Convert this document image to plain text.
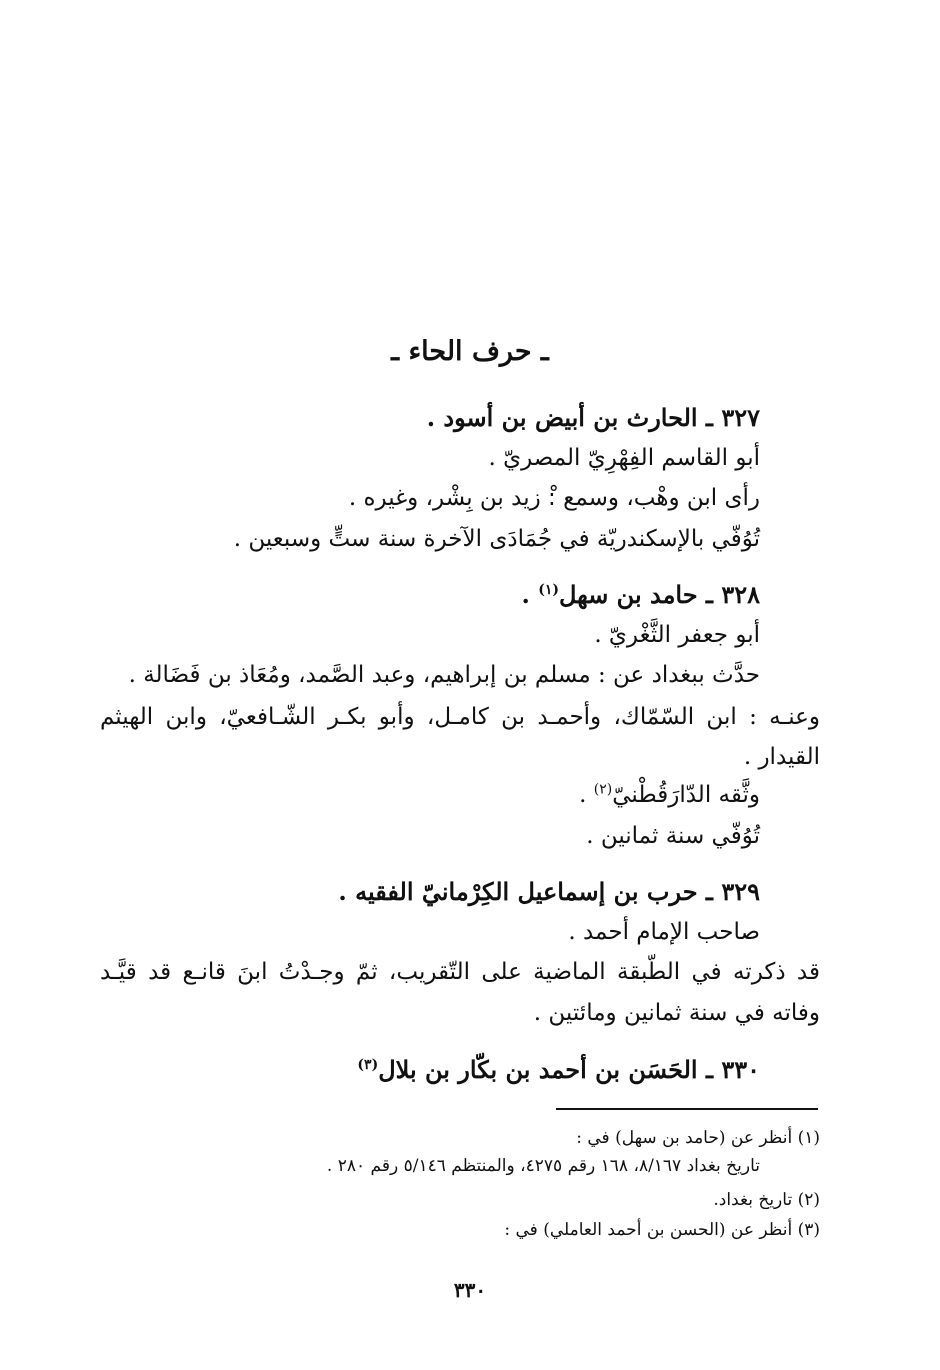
ـ حرف الحاء ـ
٣٢٧ ـ الحارث بن أبيض بن أسود .
أبو القاسم الفِهْرِيّ المصريّ .
رأى ابن وهْب، وسمع :ْ زيد بن بِشْر، وغيره .
تُوُفّي بالإسكندريّة في جُمَادَى الآخرة سنة ستٍّ وسبعين .
٣٢٨ ـ حامد بن سهل$^{(١)}$ .
أبو جعفر الثَّغْريّ .
حدَّث ببغداد عن : مسلم بن إبراهيم، وعبد الصَّمد، ومُعَاذ بن فَضَالة .
وعنـه : ابن السّمّاك، وأحمـد بن كامـل، وأبو بكـر الشّـافعيّ، وابن الهيثم
القيدار .
وثَّقه الدّارَقُطْنيّ$^{(٢)}$ .
تُوُفّي سنة ثمانين .
٣٢٩ ـ حرب بن إسماعيل الكِرْمانيّ الفقيه .
صاحب الإمام أحمد .
قد ذكرته في الطّبقة الماضية على التّقريب، ثمّ وجـدْتُ ابنَ قانـع قد قيَّـد
وفاته في سنة ثمانين ومائتين .
٣٣٠ ـ الحَسَن بن أحمد بن بكّار بن بلال$^{(٣)}$
(١) أنظر عن (حامد بن سهل) في :
تاريخ بغداد ٨/١٦٧، ١٦٨ رقم ٤٢٧٥، والمنتظم ٥/١٤٦ رقم ٢٨٠ .
(٢) تاريخ بغداد.
(٣) أنظر عن (الحسن بن أحمد العاملي) في :
٣٣٠
